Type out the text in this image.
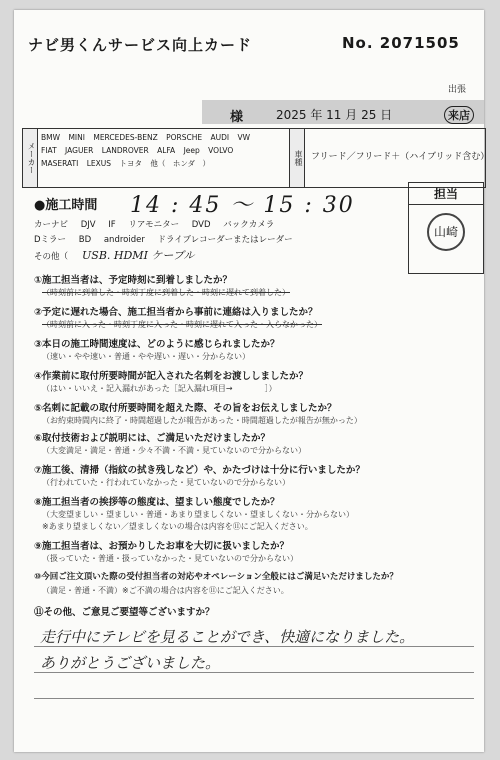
ナビ男くんサービス向上カード	No. 2071505
様	2025 年 11 月 25 日
出張
来店
メーカー
BMW MINI MERCEDES-BENZ PORSCHE AUDI VW
FIAT JAGUER LANDROVER ALFA Jeep VOLVO
MASERATI LEXUS トヨタ 他（　ホンダ　）	車種 フリード／フリード＋（ハイブリッド含む）
●施工時間 14 : 45 〜 15 : 30	担当
山崎
カーナビ DJV IF リアモニター DVD バックカメラ
Dミラー BD androider ドライブレコーダーまたはレーダー
その他（ USB. HDMI ケーブル
①施工担当者は、予定時刻に到着しましたか？
（時刻前に到着した・時刻丁度に到着した・時刻に遅れて到着した）
②予定に遅れた場合、施工担当者から事前に連絡は入りましたか？
（時刻前に入った・時刻丁度に入った・時刻に遅れて入った・入らなかった）
③本日の施工時間速度は、どのように感じられましたか？
（速い・やや速い・普通・やや遅い・遅い・分からない）
④作業前に取付所要時間が記入された名刺をお渡ししましたか？
（はい・いいえ・記入漏れがあった［記入漏れ項目→　　　　］）
⑤名刺に記載の取付所要時間を超えた際、その旨をお伝えしましたか？
（お約束時間内に終了・時間超過したが報告があった・時間超過したが報告が無かった）
⑥取付技術および説明には、ご満足いただけましたか？
（大変満足・満足・普通・少々不満・不満・見ていないので分からない）
⑦施工後、清掃（指紋の拭き残しなど）や、かたづけは十分に行いましたか？
（行われていた・行われていなかった・見ていないので分からない）
⑧施工担当者の挨拶等の態度は、望ましい態度でしたか？
（大変望ましい・望ましい・普通・あまり望ましくない・望ましくない・分からない）
※あまり望ましくない／望ましくないの場合は内容を⑪にご記入ください。
⑨施工担当者は、お預かりしたお車を大切に扱いましたか？
（扱っていた・普通・扱っていなかった・見ていないので分からない）
⑩今回ご注文頂いた際の受付担当者の対応やオペレーション全般にはご満足いただけましたか？
（満足・普通・不満）※ご不満の場合は内容を⑪にご記入ください。
⑪その他、ご意見ご要望等ございますか？
走行中にテレビを見ることができ、快適になりました。
ありがとうございました。
